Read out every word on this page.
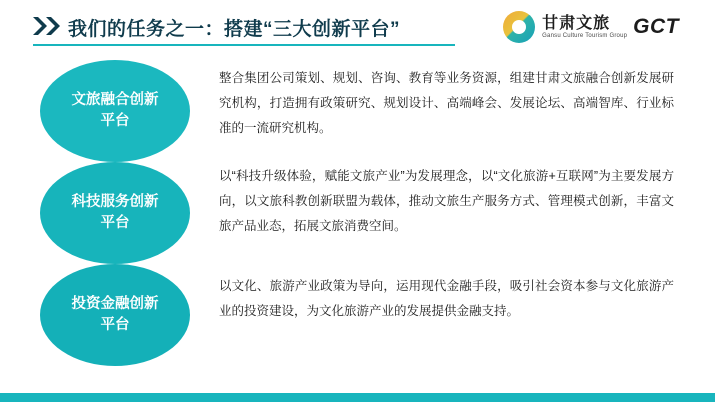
我们的任务之一：搭建“三大创新平台”	甘肃文旅
Gansu Culture Tourism Group GCT
文旅融合创新
平台
整合集团公司策划、规划、咨询、教育等业务资源，组建甘肃文旅融合创新发展研究机构，打造拥有政策研究、规划设计、高端峰会、发展论坛、高端智库、行业标准的一流研究机构。
科技服务创新
平台
以“科技升级体验，赋能文旅产业”为发展理念，以“文化旅游+互联网”为主要发展方向，以文旅科教创新联盟为载体，推动文旅生产服务方式、管理模式创新，丰富文旅产品业态，拓展文旅消费空间。
投资金融创新
平台
以文化、旅游产业政策为导向，运用现代金融手段，吸引社会资本参与文化旅游产业的投资建设，为文化旅游产业的发展提供金融支持。
